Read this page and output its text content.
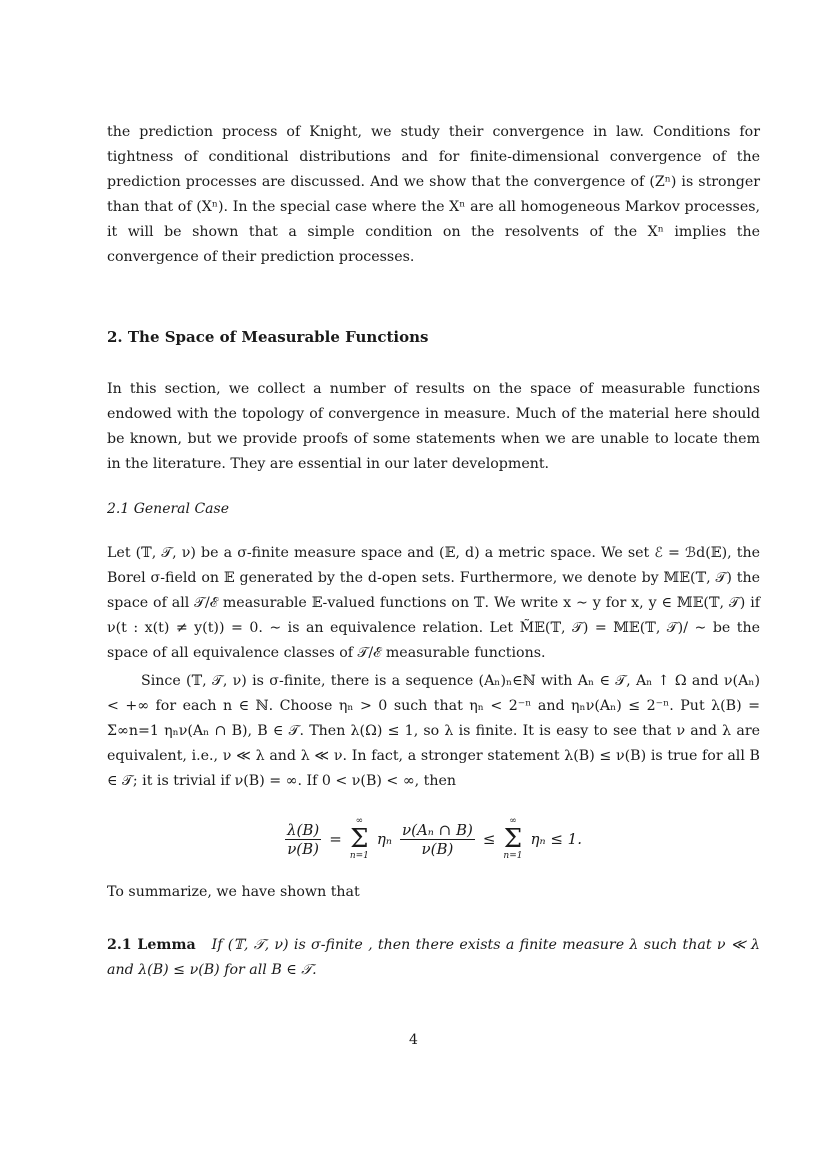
the prediction process of Knight, we study their convergence in law. Conditions for tightness of conditional distributions and for finite-dimensional convergence of the prediction processes are discussed. And we show that the convergence of (Zⁿ) is stronger than that of (Xⁿ). In the special case where the Xⁿ are all homogeneous Markov processes, it will be shown that a simple condition on the resolvents of the Xⁿ implies the convergence of their prediction processes.

2. The Space of Measurable Functions

In this section, we collect a number of results on the space of measurable functions endowed with the topology of convergence in measure. Much of the material here should be known, but we provide proofs of some statements when we are unable to locate them in the literature. They are essential in our later development.

2.1 General Case

Let (𝕋, 𝒯, ν) be a σ-finite measure space and (𝔼, d) a metric space. We set ℰ = ℬd(𝔼), the Borel σ-field on 𝔼 generated by the d-open sets. Furthermore, we denote by 𝕄𝔼(𝕋, 𝒯) the space of all 𝒯/ℰ measurable 𝔼-valued functions on 𝕋. We write x ∼ y for x, y ∈ 𝕄𝔼(𝕋, 𝒯) if ν(t : x(t) ≠ y(t)) = 0. ∼ is an equivalence relation. Let M̃𝔼(𝕋, 𝒯) = 𝕄𝔼(𝕋, 𝒯)/ ∼ be the space of all equivalence classes of 𝒯/ℰ measurable functions.

Since (𝕋, 𝒯, ν) is σ-finite, there is a sequence (Aₙ)ₙ∈ℕ with Aₙ ∈ 𝒯, Aₙ ↑ Ω and ν(Aₙ) < +∞ for each n ∈ ℕ. Choose ηₙ > 0 such that ηₙ < 2⁻ⁿ and ηₙν(Aₙ) ≤ 2⁻ⁿ. Put λ(B) = Σ∞n=1 ηₙν(Aₙ ∩ B), B ∈ 𝒯. Then λ(Ω) ≤ 1, so λ is finite. It is easy to see that ν and λ are equivalent, i.e., ν ≪ λ and λ ≪ ν. In fact, a stronger statement λ(B) ≤ ν(B) is true for all B ∈ 𝒯; it is trivial if ν(B) = ∞. If 0 < ν(B) < ∞, then

$\frac{\lambda(B)}{\nu(B)}$ =
∞
Σ
n=1
ηₙ $\frac{\text{ν(Aₙ ∩ B)}}{\nu(B)}$ ≤
∞
Σ
n=1
ηₙ ≤ 1.

To summarize, we have shown that

2.1 Lemma If (𝕋, 𝒯, ν) is σ-finite , then there exists a finite measure λ such that ν ≪ λ and λ(B) ≤ ν(B) for all B ∈ 𝒯.

4
